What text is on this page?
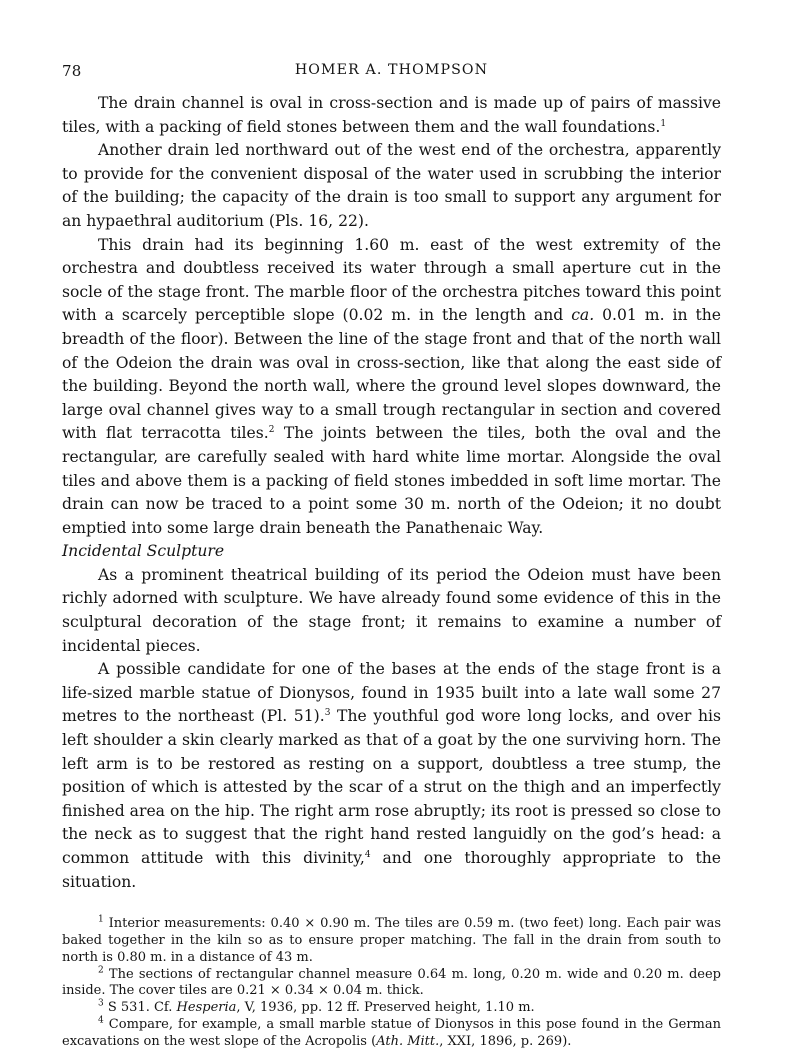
78	HOMER A. THOMPSON

The drain channel is oval in cross-section and is made up of pairs of massive tiles, with a packing of field stones between them and the wall foundations.$^1$

Another drain led northward out of the west end of the orchestra, apparently to provide for the convenient disposal of the water used in scrubbing the interior of the building; the capacity of the drain is too small to support any argument for an hypaethral auditorium (Pls. 16, 22).

This drain had its beginning 1.60 m. east of the west extremity of the orchestra and doubtless received its water through a small aperture cut in the socle of the stage front. The marble floor of the orchestra pitches toward this point with a scarcely perceptible slope (0.02 m. in the length and ca. 0.01 m. in the breadth of the floor). Between the line of the stage front and that of the north wall of the Odeion the drain was oval in cross-section, like that along the east side of the building. Beyond the north wall, where the ground level slopes downward, the large oval channel gives way to a small trough rectangular in section and covered with flat terracotta tiles.$^2$ The joints between the tiles, both the oval and the rectangular, are carefully sealed with hard white lime mortar. Alongside the oval tiles and above them is a packing of field stones imbedded in soft lime mortar. The drain can now be traced to a point some 30 m. north of the Odeion; it no doubt emptied into some large drain beneath the Panathenaic Way.

Incidental Sculpture

As a prominent theatrical building of its period the Odeion must have been richly adorned with sculpture. We have already found some evidence of this in the sculptural decoration of the stage front; it remains to examine a number of incidental pieces.

A possible candidate for one of the bases at the ends of the stage front is a life-sized marble statue of Dionysos, found in 1935 built into a late wall some 27 metres to the northeast (Pl. 51).$^3$ The youthful god wore long locks, and over his left shoulder a skin clearly marked as that of a goat by the one surviving horn. The left arm is to be restored as resting on a support, doubtless a tree stump, the position of which is attested by the scar of a strut on the thigh and an imperfectly finished area on the hip. The right arm rose abruptly; its root is pressed so close to the neck as to suggest that the right hand rested languidly on the god’s head: a common attitude with this divinity,$^4$ and one thoroughly appropriate to the situation.

$^1$ Interior measurements: 0.40 × 0.90 m. The tiles are 0.59 m. (two feet) long. Each pair was baked together in the kiln so as to ensure proper matching. The fall in the drain from south to north is 0.80 m. in a distance of 43 m.

$^2$ The sections of rectangular channel measure 0.64 m. long, 0.20 m. wide and 0.20 m. deep inside. The cover tiles are 0.21 × 0.34 × 0.04 m. thick.

$^3$ S 531. Cf. Hesperia, V, 1936, pp. 12 ff. Preserved height, 1.10 m.

$^4$ Compare, for example, a small marble statue of Dionysos in this pose found in the German excavations on the west slope of the Acropolis (Ath. Mitt., XXI, 1896, p. 269).
